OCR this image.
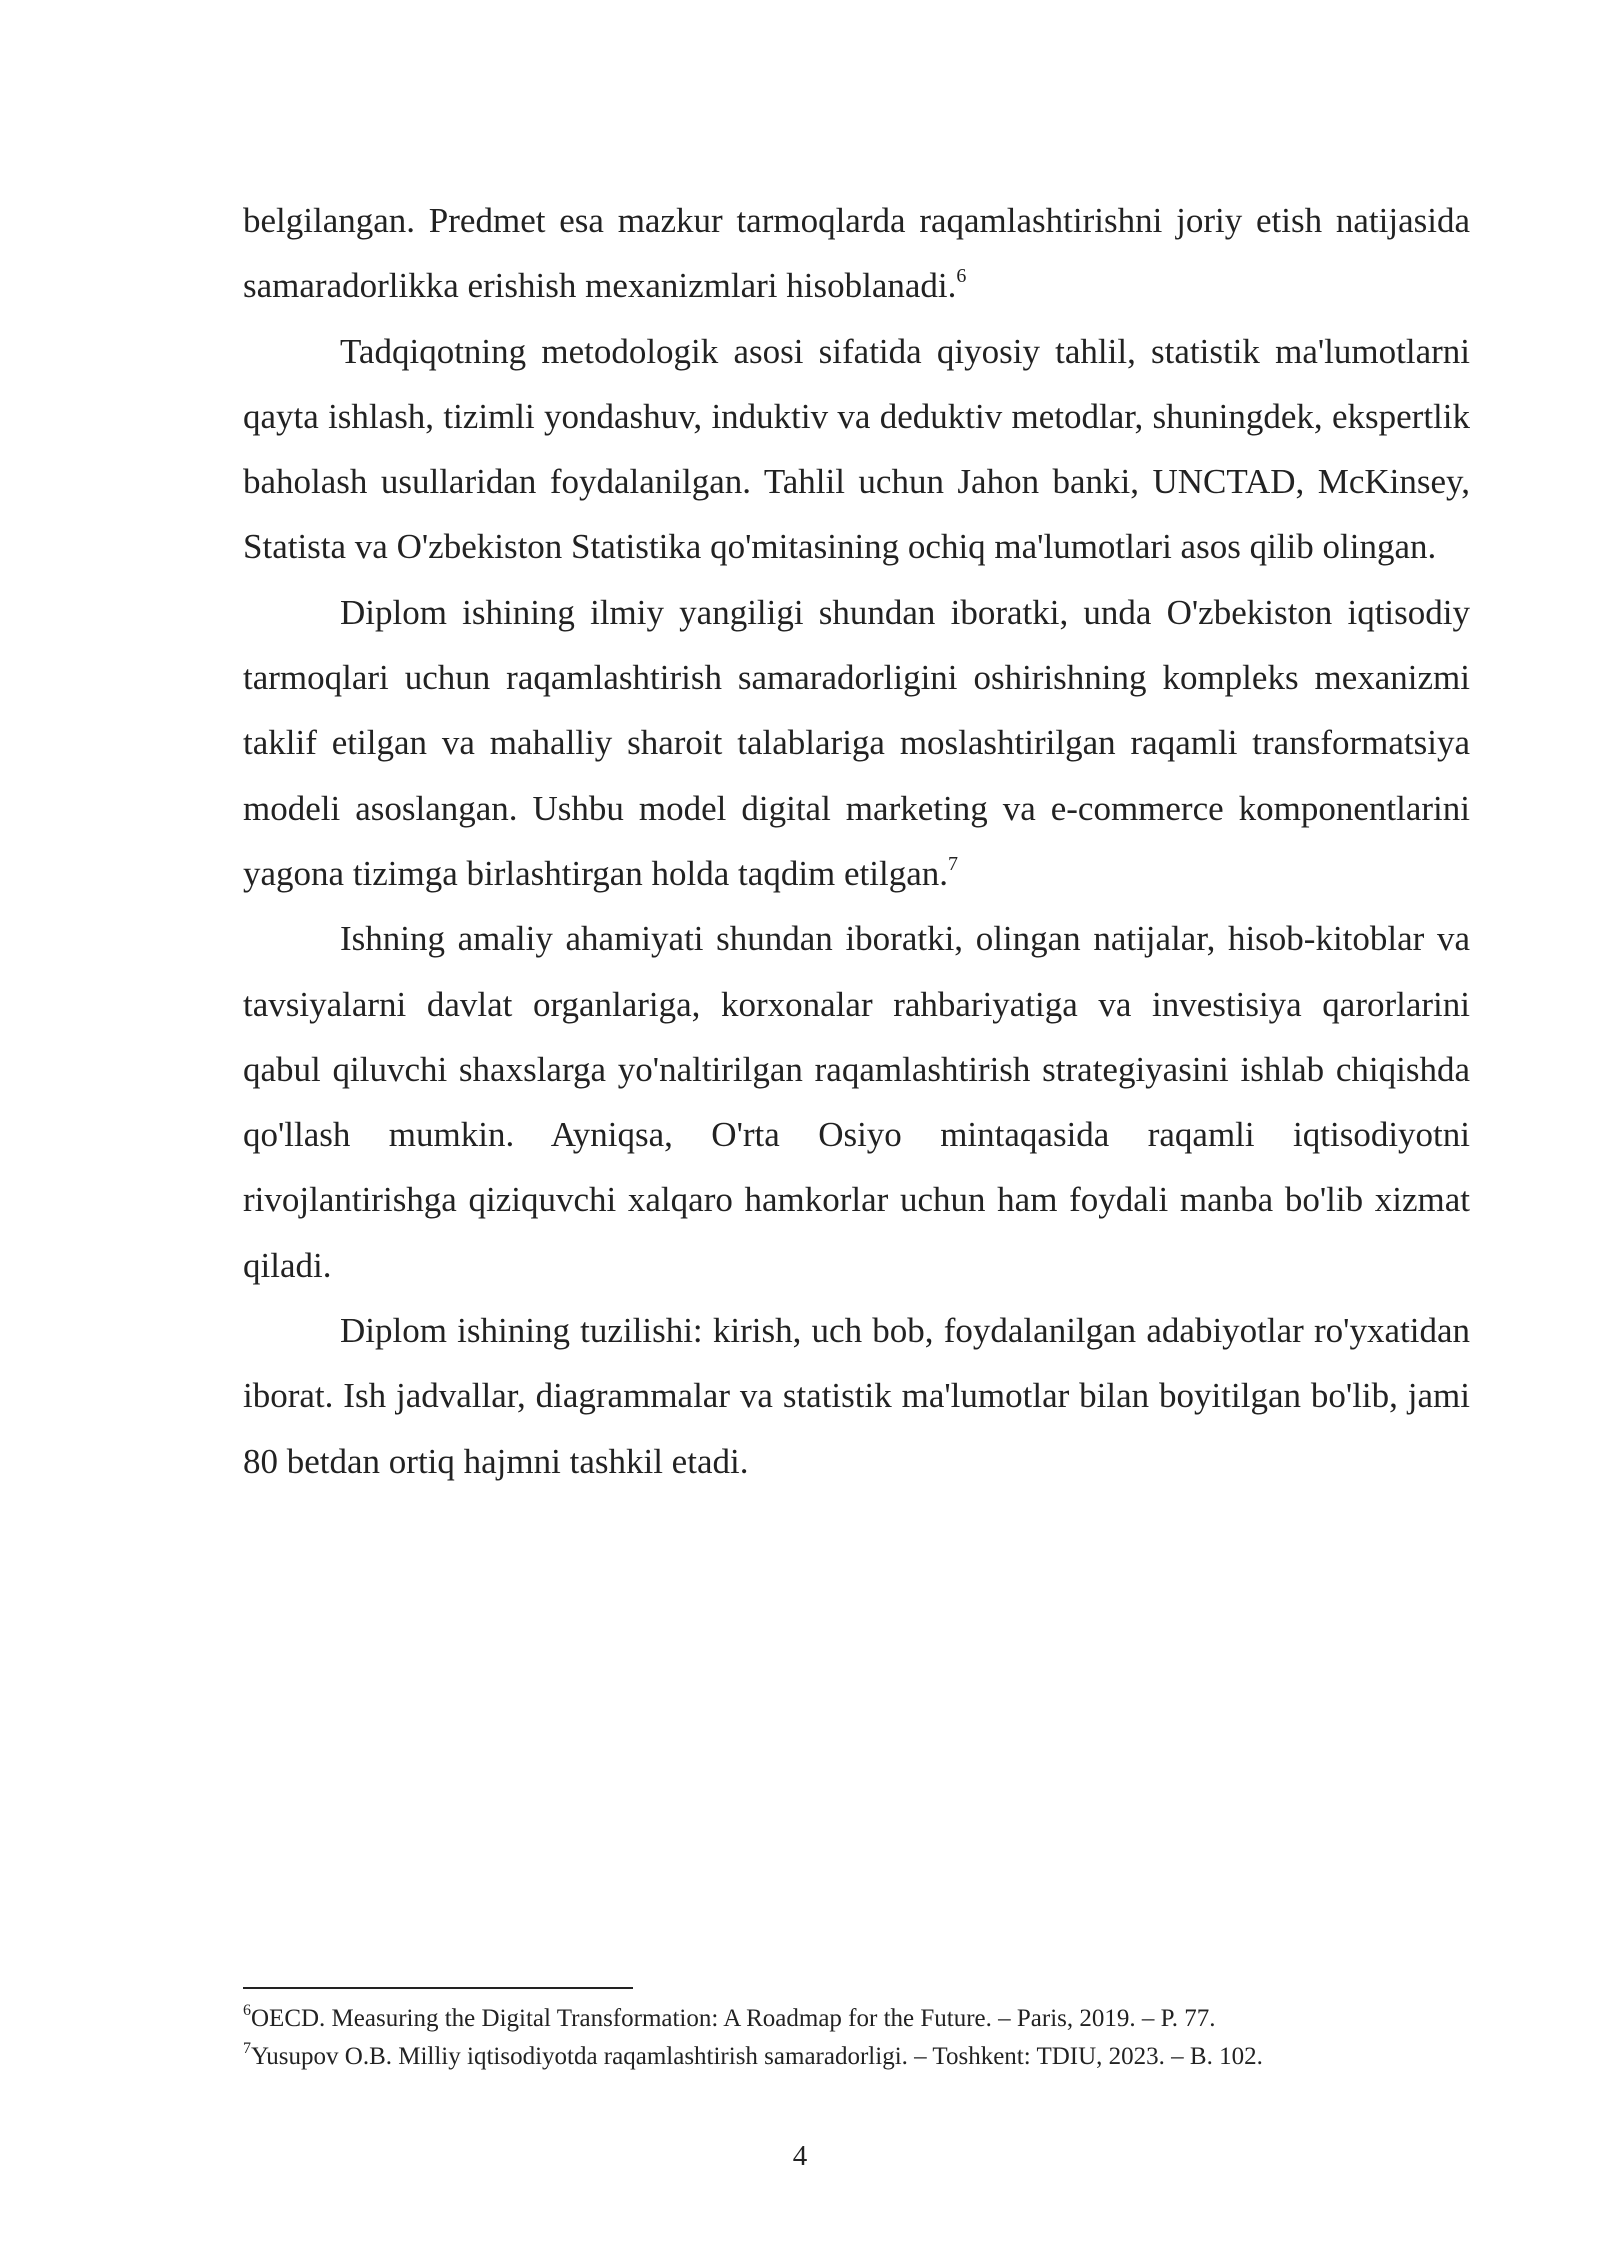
belgilangan. Predmet esa mazkur tarmoqlarda raqamlashtirishni joriy etish natijasida samaradorlikka erishish mexanizmlari hisoblanadi.$^6$

Tadqiqotning metodologik asosi sifatida qiyosiy tahlil, statistik ma'lumotlarni qayta ishlash, tizimli yondashuv, induktiv va deduktiv metodlar, shuningdek, ekspertlik baholash usullaridan foydalanilgan. Tahlil uchun Jahon banki, UNCTAD, McKinsey, Statista va O'zbekiston Statistika qo'mitasining ochiq ma'lumotlari asos qilib olingan.

Diplom ishining ilmiy yangiligi shundan iboratki, unda O'zbekiston iqtisodiy tarmoqlari uchun raqamlashtirish samaradorligini oshirishning kompleks mexanizmi taklif etilgan va mahalliy sharoit talablariga moslashtirilgan raqamli transformatsiya modeli asoslangan. Ushbu model digital marketing va e-commerce komponentlarini yagona tizimga birlashtirgan holda taqdim etilgan.$^7$

Ishning amaliy ahamiyati shundan iboratki, olingan natijalar, hisob-kitoblar va tavsiyalarni davlat organlariga, korxonalar rahbariyatiga va investisiya qarorlarini qabul qiluvchi shaxslarga yo'naltirilgan raqamlashtirish strategiyasini ishlab chiqishda qo'llash mumkin. Ayniqsa, O'rta Osiyo mintaqasida raqamli iqtisodiyotni rivojlantirishga qiziquvchi xalqaro hamkorlar uchun ham foydali manba bo'lib xizmat qiladi.

Diplom ishining tuzilishi: kirish, uch bob, foydalanilgan adabiyotlar ro'yxatidan iborat. Ish jadvallar, diagrammalar va statistik ma'lumotlar bilan boyitilgan bo'lib, jami 80 betdan ortiq hajmni tashkil etadi.

$^6$OECD. Measuring the Digital Transformation: A Roadmap for the Future. – Paris, 2019. – P. 77.

$^7$Yusupov O.B. Milliy iqtisodiyotda raqamlashtirish samaradorligi. – Toshkent: TDIU, 2023. – B. 102.

4
